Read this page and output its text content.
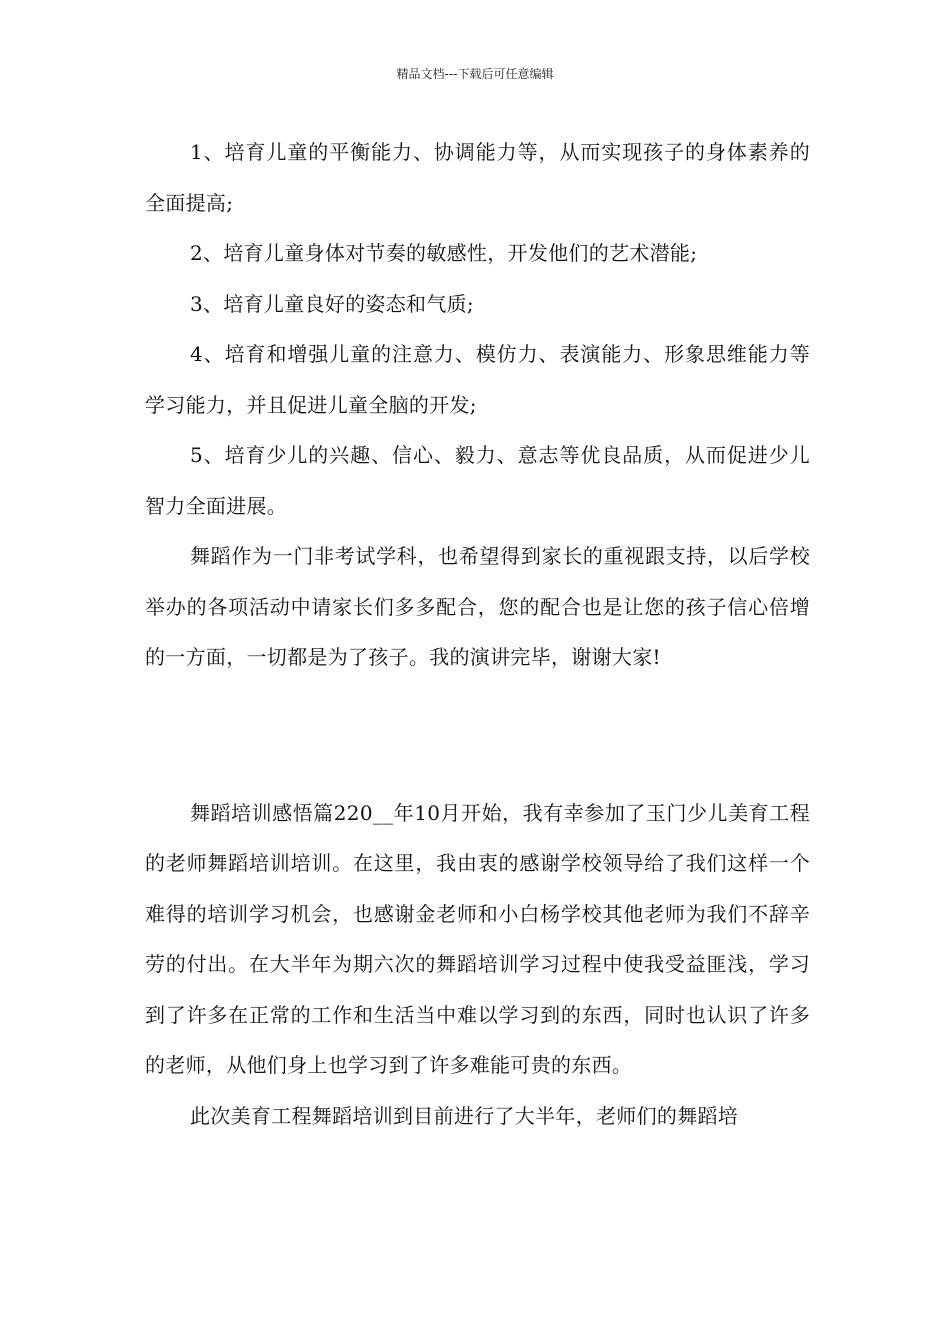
精品文档---下载后可任意编辑

1、培育儿童的平衡能力、协调能力等，从而实现孩子的身体素养的全面提高;

2、培育儿童身体对节奏的敏感性，开发他们的艺术潜能;

3、培育儿童良好的姿态和气质;

4、培育和增强儿童的注意力、模仿力、表演能力、形象思维能力等学习能力，并且促进儿童全脑的开发;

5、培育少儿的兴趣、信心、毅力、意志等优良品质，从而促进少儿智力全面进展。

舞蹈作为一门非考试学科，也希望得到家长的重视跟支持，以后学校举办的各项活动中请家长们多多配合，您的配合也是让您的孩子信心倍增的一方面，一切都是为了孩子。我的演讲完毕，谢谢大家!

舞蹈培训感悟篇220__年10月开始，我有幸参加了玉门少儿美育工程的老师舞蹈培训培训。在这里，我由衷的感谢学校领导给了我们这样一个难得的培训学习机会，也感谢金老师和小白杨学校其他老师为我们不辞辛劳的付出。在大半年为期六次的舞蹈培训学习过程中使我受益匪浅，学习到了许多在正常的工作和生活当中难以学习到的东西，同时也认识了许多的老师，从他们身上也学习到了许多难能可贵的东西。

此次美育工程舞蹈培训到目前进行了大半年，老师们的舞蹈培
